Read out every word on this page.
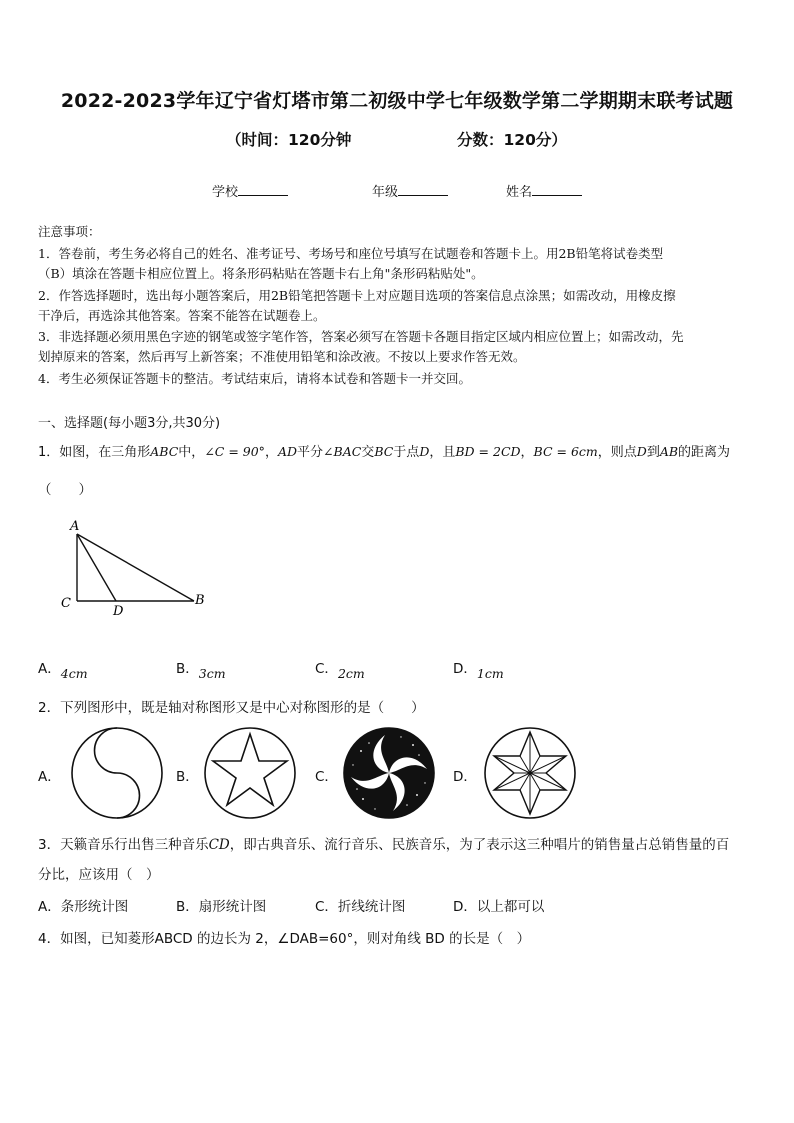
2022-2023学年辽宁省灯塔市第二初级中学七年级数学第二学期期末联考试题
（时间：120分钟	分数：120分）
学校	年级	姓名
注意事项：
1．答卷前，考生务必将自己的姓名、准考证号、考场号和座位号填写在试题卷和答题卡上。用2B铅笔将试卷类型
（B）填涂在答题卡相应位置上。将条形码粘贴在答题卡右上角"条形码粘贴处"。
2．作答选择题时，选出每小题答案后，用2B铅笔把答题卡上对应题目选项的答案信息点涂黑；如需改动，用橡皮擦
干净后，再选涂其他答案。答案不能答在试题卷上。
3．非选择题必须用黑色字迹的钢笔或签字笔作答，答案必须写在答题卡各题目指定区域内相应位置上；如需改动，先
划掉原来的答案，然后再写上新答案；不准使用铅笔和涂改液。不按以上要求作答无效。
4．考生必须保证答题卡的整洁。考试结束后，请将本试卷和答题卡一并交回。
一、选择题(每小题3分,共30分)
1．如图，在三角形ABC中，∠C = 90°，AD平分∠BAC交BC于点D，且BD = 2CD，BC = 6cm，则点D到AB的距离为
（　　）
A
C
D
B
A．4cm	B．3cm	C．2cm	D．1cm
2．下列图形中，既是轴对称图形又是中心对称图形的是（　　）
A．	B．	C．	D．
3．天籁音乐行出售三种音乐CD，即古典音乐、流行音乐、民族音乐，为了表示这三种唱片的销售量占总销售量的百
分比，应该用（　）
A．条形统计图	B．扇形统计图	C．折线统计图	D．以上都可以
4．如图，已知菱形ABCD 的边长为 2，∠DAB=60°，则对角线 BD 的长是（　）
